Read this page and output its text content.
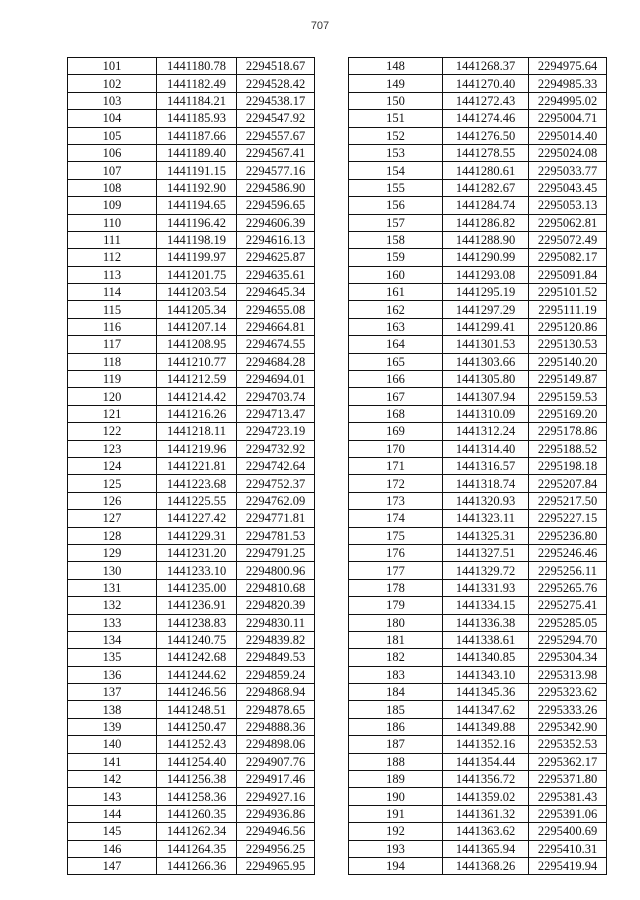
707
101	1441180.78	2294518.67
102	1441182.49	2294528.42
103	1441184.21	2294538.17
104	1441185.93	2294547.92
105	1441187.66	2294557.67
106	1441189.40	2294567.41
107	1441191.15	2294577.16
108	1441192.90	2294586.90
109	1441194.65	2294596.65
110	1441196.42	2294606.39
111	1441198.19	2294616.13
112	1441199.97	2294625.87
113	1441201.75	2294635.61
114	1441203.54	2294645.34
115	1441205.34	2294655.08
116	1441207.14	2294664.81
117	1441208.95	2294674.55
118	1441210.77	2294684.28
119	1441212.59	2294694.01
120	1441214.42	2294703.74
121	1441216.26	2294713.47
122	1441218.11	2294723.19
123	1441219.96	2294732.92
124	1441221.81	2294742.64
125	1441223.68	2294752.37
126	1441225.55	2294762.09
127	1441227.42	2294771.81
128	1441229.31	2294781.53
129	1441231.20	2294791.25
130	1441233.10	2294800.96
131	1441235.00	2294810.68
132	1441236.91	2294820.39
133	1441238.83	2294830.11
134	1441240.75	2294839.82
135	1441242.68	2294849.53
136	1441244.62	2294859.24
137	1441246.56	2294868.94
138	1441248.51	2294878.65
139	1441250.47	2294888.36
140	1441252.43	2294898.06
141	1441254.40	2294907.76
142	1441256.38	2294917.46
143	1441258.36	2294927.16
144	1441260.35	2294936.86
145	1441262.34	2294946.56
146	1441264.35	2294956.25
147	1441266.36	2294965.95
148	1441268.37	2294975.64
149	1441270.40	2294985.33
150	1441272.43	2294995.02
151	1441274.46	2295004.71
152	1441276.50	2295014.40
153	1441278.55	2295024.08
154	1441280.61	2295033.77
155	1441282.67	2295043.45
156	1441284.74	2295053.13
157	1441286.82	2295062.81
158	1441288.90	2295072.49
159	1441290.99	2295082.17
160	1441293.08	2295091.84
161	1441295.19	2295101.52
162	1441297.29	2295111.19
163	1441299.41	2295120.86
164	1441301.53	2295130.53
165	1441303.66	2295140.20
166	1441305.80	2295149.87
167	1441307.94	2295159.53
168	1441310.09	2295169.20
169	1441312.24	2295178.86
170	1441314.40	2295188.52
171	1441316.57	2295198.18
172	1441318.74	2295207.84
173	1441320.93	2295217.50
174	1441323.11	2295227.15
175	1441325.31	2295236.80
176	1441327.51	2295246.46
177	1441329.72	2295256.11
178	1441331.93	2295265.76
179	1441334.15	2295275.41
180	1441336.38	2295285.05
181	1441338.61	2295294.70
182	1441340.85	2295304.34
183	1441343.10	2295313.98
184	1441345.36	2295323.62
185	1441347.62	2295333.26
186	1441349.88	2295342.90
187	1441352.16	2295352.53
188	1441354.44	2295362.17
189	1441356.72	2295371.80
190	1441359.02	2295381.43
191	1441361.32	2295391.06
192	1441363.62	2295400.69
193	1441365.94	2295410.31
194	1441368.26	2295419.94
